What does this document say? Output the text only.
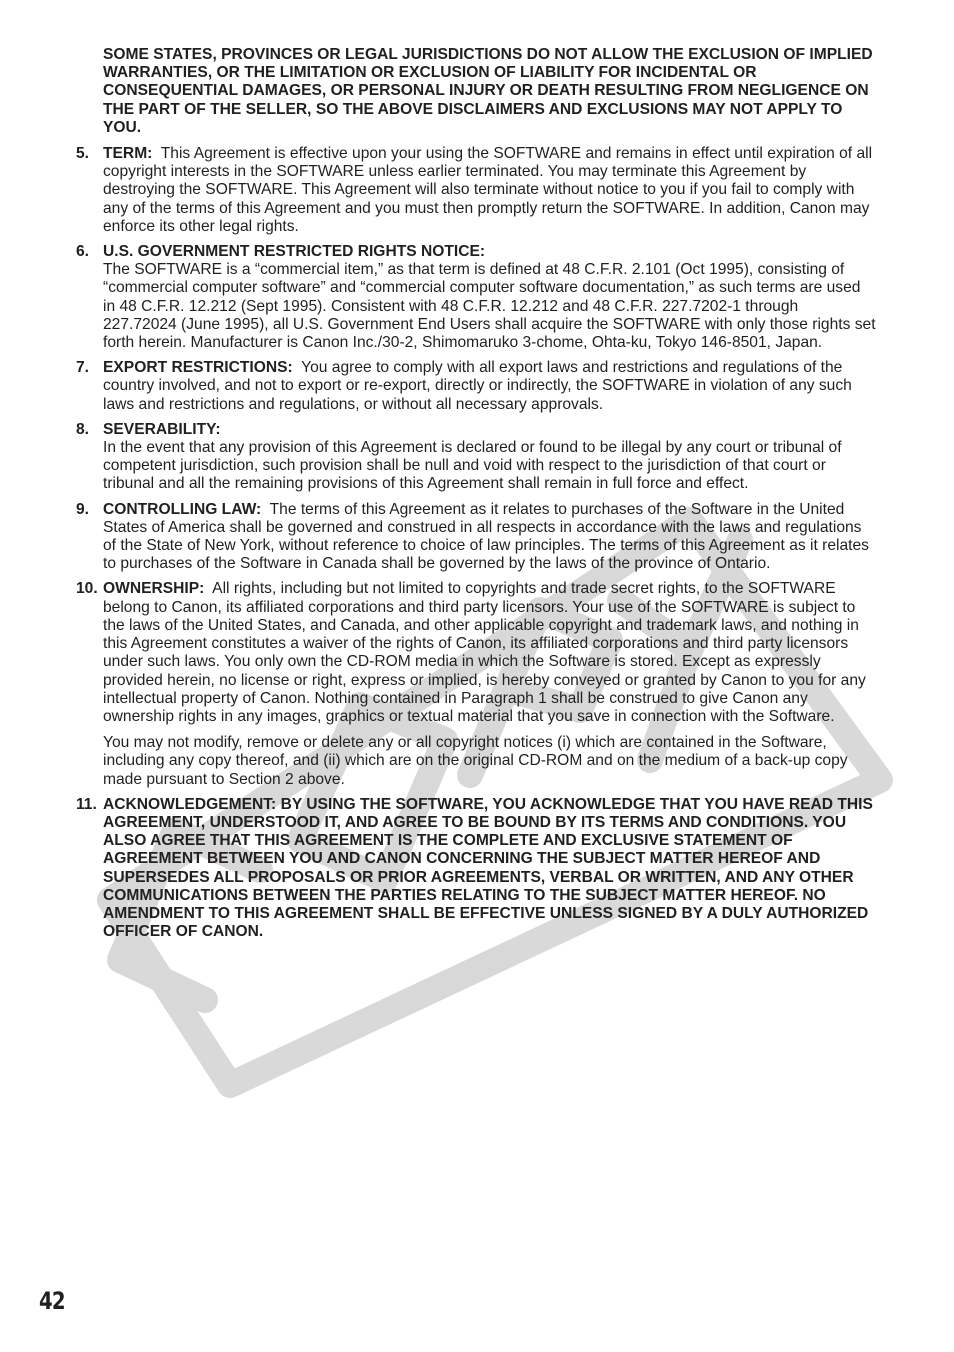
SOME STATES, PROVINCES OR LEGAL JURISDICTIONS DO NOT ALLOW THE EXCLUSION OF IMPLIED WARRANTIES, OR THE LIMITATION OR EXCLUSION OF LIABILITY FOR INCIDENTAL OR CONSEQUENTIAL DAMAGES, OR PERSONAL INJURY OR DEATH RESULTING FROM NEGLIGENCE ON THE PART OF THE SELLER, SO THE ABOVE DISCLAIMERS AND EXCLUSIONS MAY NOT APPLY TO YOU.

5. TERM: This Agreement is effective upon your using the SOFTWARE and remains in effect until expiration of all copyright interests in the SOFTWARE unless earlier terminated. You may terminate this Agreement by destroying the SOFTWARE. This Agreement will also terminate without notice to you if you fail to comply with any of the terms of this Agreement and you must then promptly return the SOFTWARE. In addition, Canon may enforce its other legal rights.

6. U.S. GOVERNMENT RESTRICTED RIGHTS NOTICE:
The SOFTWARE is a “commercial item,” as that term is defined at 48 C.F.R. 2.101 (Oct 1995), consisting of “commercial computer software” and “commercial computer software documentation,” as such terms are used in 48 C.F.R. 12.212 (Sept 1995). Consistent with 48 C.F.R. 12.212 and 48 C.F.R. 227.7202-1 through 227.72024 (June 1995), all U.S. Government End Users shall acquire the SOFTWARE with only those rights set forth herein. Manufacturer is Canon Inc./30-2, Shimomaruko 3-chome, Ohta-ku, Tokyo 146-8501, Japan.

7. EXPORT RESTRICTIONS: You agree to comply with all export laws and restrictions and regulations of the country involved, and not to export or re-export, directly or indirectly, the SOFTWARE in violation of any such laws and restrictions and regulations, or without all necessary approvals.

8. SEVERABILITY:
In the event that any provision of this Agreement is declared or found to be illegal by any court or tribunal of competent jurisdiction, such provision shall be null and void with respect to the jurisdiction of that court or tribunal and all the remaining provisions of this Agreement shall remain in full force and effect.

9. CONTROLLING LAW: The terms of this Agreement as it relates to purchases of the Software in the United States of America shall be governed and construed in all respects in accordance with the laws and regulations of the State of New York, without reference to choice of law principles. The terms of this Agreement as it relates to purchases of the Software in Canada shall be governed by the laws of the province of Ontario.

10. OWNERSHIP: All rights, including but not limited to copyrights and trade secret rights, to the SOFTWARE belong to Canon, its affiliated corporations and third party licensors. Your use of the SOFTWARE is subject to the laws of the United States, and Canada, and other applicable copyright and trademark laws, and nothing in this Agreement constitutes a waiver of the rights of Canon, its affiliated corporations and third party licensors under such laws. You only own the CD-ROM media in which the Software is stored. Except as expressly provided herein, no license or right, express or implied, is hereby conveyed or granted by Canon to you for any intellectual property of Canon. Nothing contained in Paragraph 1 shall be construed to give Canon any ownership rights in any images, graphics or textual material that you save in connection with the Software.

You may not modify, remove or delete any or all copyright notices (i) which are contained in the Software, including any copy thereof, and (ii) which are on the original CD-ROM and on the medium of a back-up copy made pursuant to Section 2 above.

11. ACKNOWLEDGEMENT: BY USING THE SOFTWARE, YOU ACKNOWLEDGE THAT YOU HAVE READ THIS AGREEMENT, UNDERSTOOD IT, AND AGREE TO BE BOUND BY ITS TERMS AND CONDITIONS. YOU ALSO AGREE THAT THIS AGREEMENT IS THE COMPLETE AND EXCLUSIVE STATEMENT OF AGREEMENT BETWEEN YOU AND CANON CONCERNING THE SUBJECT MATTER HEREOF AND SUPERSEDES ALL PROPOSALS OR PRIOR AGREEMENTS, VERBAL OR WRITTEN, AND ANY OTHER COMMUNICATIONS BETWEEN THE PARTIES RELATING TO THE SUBJECT MATTER HEREOF. NO AMENDMENT TO THIS AGREEMENT SHALL BE EFFECTIVE UNLESS SIGNED BY A DULY AUTHORIZED OFFICER OF CANON.

42
